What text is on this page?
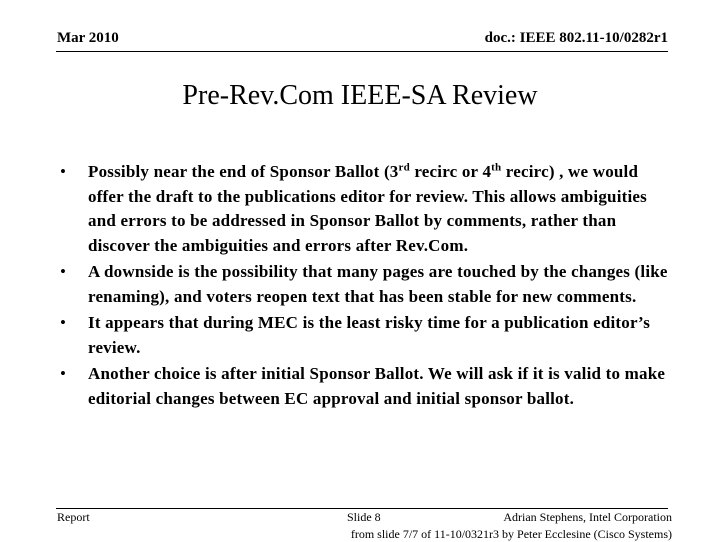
Mar 2010	doc.: IEEE 802.11-10/0282r1
Pre-Rev.Com IEEE-SA Review
• Possibly near the end of Sponsor Ballot (3rd recirc or 4th recirc) , we would offer the draft to the publications editor for review. This allows ambiguities and errors to be addressed in Sponsor Ballot by comments, rather than discover the ambiguities and errors after Rev.Com.
• A downside is the possibility that many pages are touched by the changes (like renaming), and voters reopen text that has been stable for new comments.
• It appears that during MEC is the least risky time for a publication editor’s review.
• Another choice is after initial Sponsor Ballot. We will ask if it is valid to make editorial changes between EC approval and initial sponsor ballot.
Report	Slide 8	Adrian Stephens, Intel Corporation
from slide 7/7 of 11-10/0321r3 by Peter Ecclesine (Cisco Systems)
